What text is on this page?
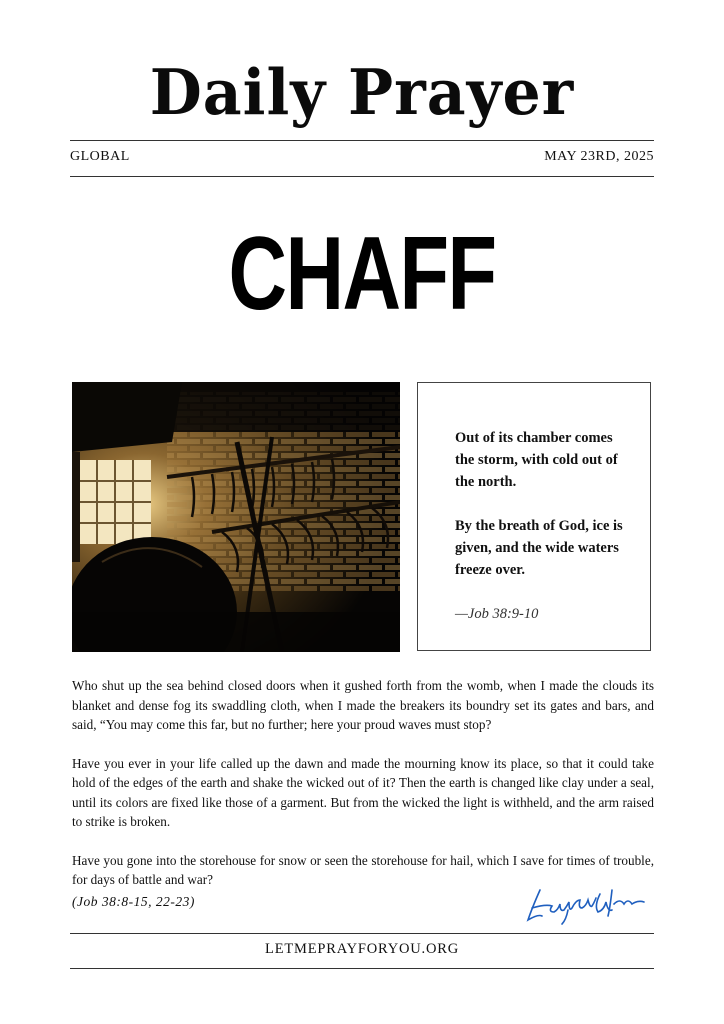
Daily Prayer
GLOBAL	MAY 23RD, 2025
CHAFF

Out of its chamber comes the storm, with cold out of the north.

By the breath of God, ice is given, and the wide waters freeze over.

—Job 38:9-10

Who shut up the sea behind closed doors when it gushed forth from the womb, when I made the clouds its blanket and dense fog its swaddling cloth, when I made the breakers its boundry set its gates and bars, and said, “You may come this far, but no further; here your proud waves must stop?

Have you ever in your life called up the dawn and made the mourning know its place, so that it could take hold of the edges of the earth and shake the wicked out of it? Then the earth is changed like clay under a seal, until its colors are fixed like those of a garment. But from the wicked the light is withheld, and the arm raised to strike is broken.

Have you gone into the storehouse for snow or seen the storehouse for hail, which I save for times of trouble, for days of battle and war?

(Job 38:8-15, 22-23)
LETMEPRAYFORYOU.ORG
